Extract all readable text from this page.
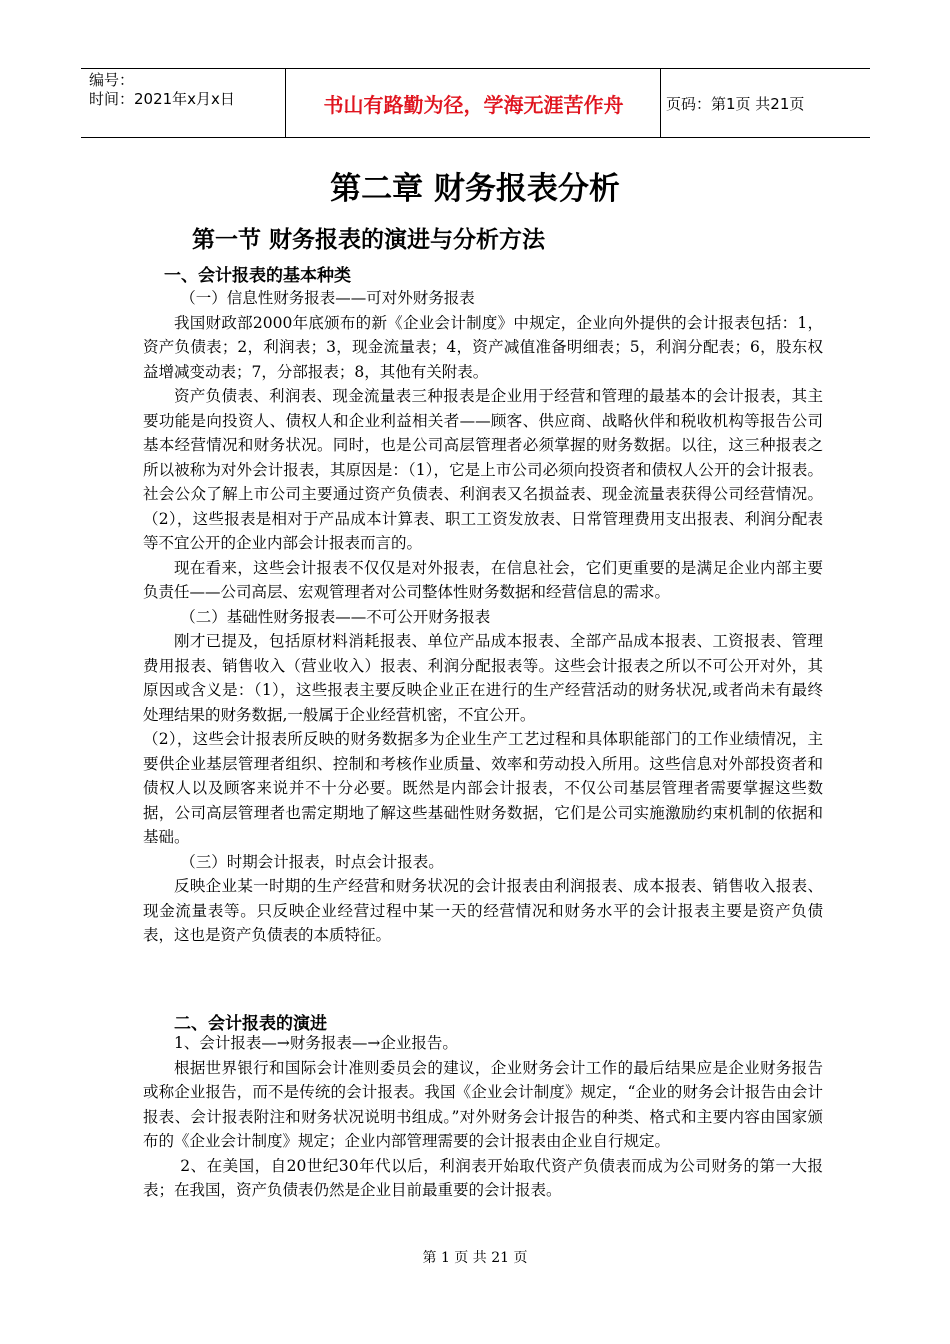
编号：
时间：2021年x月x日	书山有路勤为径，学海无涯苦作舟	页码：第1页 共21页
第二章 财务报表分析
第一节 财务报表的演进与分析方法
一、会计报表的基本种类

（一）信息性财务报表——可对外财务报表

我国财政部2000年底颁布的新《企业会计制度》中规定，企业向外提供的会计报表包括：1，资产负债表；2，利润表；3，现金流量表；4，资产减值准备明细表；5，利润分配表；6，股东权益增减变动表；7，分部报表；8，其他有关附表。

资产负债表、利润表、现金流量表三种报表是企业用于经营和管理的最基本的会计报表，其主要功能是向投资人、债权人和企业利益相关者——顾客、供应商、战略伙伴和税收机构等报告公司基本经营情况和财务状况。同时，也是公司高层管理者必须掌握的财务数据。以往，这三种报表之所以被称为对外会计报表，其原因是：（1），它是上市公司必须向投资者和债权人公开的会计报表。社会公众了解上市公司主要通过资产负债表、利润表又名损益表、现金流量表获得公司经营情况。（2），这些报表是相对于产品成本计算表、职工工资发放表、日常管理费用支出报表、利润分配表等不宜公开的企业内部会计报表而言的。

现在看来，这些会计报表不仅仅是对外报表，在信息社会，它们更重要的是满足企业内部主要负责任——公司高层、宏观管理者对公司整体性财务数据和经营信息的需求。

（二）基础性财务报表——不可公开财务报表

刚才已提及，包括原材料消耗报表、单位产品成本报表、全部产品成本报表、工资报表、管理费用报表、销售收入（营业收入）报表、利润分配报表等。这些会计报表之所以不可公开对外，其原因或含义是：（1），这些报表主要反映企业正在进行的生产经营活动的财务状况,或者尚未有最终处理结果的财务数据,一般属于企业经营机密，不宜公开。

（2），这些会计报表所反映的财务数据多为企业生产工艺过程和具体职能部门的工作业绩情况，主要供企业基层管理者组织、控制和考核作业质量、效率和劳动投入所用。这些信息对外部投资者和债权人以及顾客来说并不十分必要。既然是内部会计报表，不仅公司基层管理者需要掌握这些数据，公司高层管理者也需定期地了解这些基础性财务数据，它们是公司实施激励约束机制的依据和基础。

（三）时期会计报表，时点会计报表。

反映企业某一时期的生产经营和财务状况的会计报表由利润报表、成本报表、销售收入报表、现金流量表等。只反映企业经营过程中某一天的经营情况和财务水平的会计报表主要是资产负债表，这也是资产负债表的本质特征。

二、会计报表的演进

1、会计报表—→财务报表—→企业报告。

根据世界银行和国际会计准则委员会的建议，企业财务会计工作的最后结果应是企业财务报告或称企业报告，而不是传统的会计报表。我国《企业会计制度》规定，“企业的财务会计报告由会计报表、会计报表附注和财务状况说明书组成。”对外财务会计报告的种类、格式和主要内容由国家颁布的《企业会计制度》规定；企业内部管理需要的会计报表由企业自行规定。

2、在美国，自20世纪30年代以后，利润表开始取代资产负债表而成为公司财务的第一大报表；在我国，资产负债表仍然是企业目前最重要的会计报表。

第 1 页 共 21 页
